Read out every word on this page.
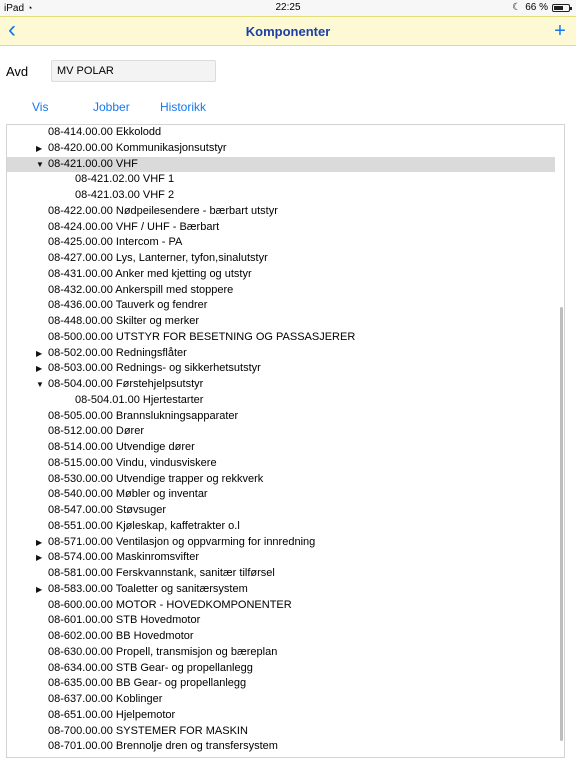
iPad ◔	22:25	☾ 66 %
‹	Komponenter	+
Avd	MV POLAR
Vis	Jobber	Historikk
08-414.00.00 Ekkolodd
▶ 08-420.00.00 Kommunikasjonsutstyr
▼ 08-421.00.00 VHF
08-421.02.00 VHF 1
08-421.03.00 VHF 2
08-422.00.00 Nødpeilesendere - bærbart utstyr
08-424.00.00 VHF / UHF - Bærbart
08-425.00.00 Intercom - PA
08-427.00.00 Lys, Lanterner, tyfon,sinalutstyr
08-431.00.00 Anker med kjetting og utstyr
08-432.00.00 Ankerspill med stoppere
08-436.00.00 Tauverk og fendrer
08-448.00.00 Skilter og merker
08-500.00.00 UTSTYR FOR BESETNING OG PASSASJERER
▶ 08-502.00.00 Redningsflåter
▶ 08-503.00.00 Rednings- og sikkerhetsutstyr
▼ 08-504.00.00 Førstehjelpsutstyr
08-504.01.00 Hjertestarter
08-505.00.00 Brannslukningsapparater
08-512.00.00 Dører
08-514.00.00 Utvendige dører
08-515.00.00 Vindu, vindusviskere
08-530.00.00 Utvendige trapper og rekkverk
08-540.00.00 Møbler og inventar
08-547.00.00 Støvsuger
08-551.00.00 Kjøleskap, kaffetrakter o.l
▶ 08-571.00.00 Ventilasjon og oppvarming for innredning
▶ 08-574.00.00 Maskinromsvifter
08-581.00.00 Ferskvannstank, sanitær tilførsel
▶ 08-583.00.00 Toaletter og sanitærsystem
08-600.00.00 MOTOR - HOVEDKOMPONENTER
08-601.00.00 STB Hovedmotor
08-602.00.00 BB Hovedmotor
08-630.00.00 Propell, transmisjon og bæreplan
08-634.00.00 STB Gear- og propellanlegg
08-635.00.00 BB Gear- og propellanlegg
08-637.00.00 Koblinger
08-651.00.00 Hjelpemotor
08-700.00.00 SYSTEMER FOR MASKIN
08-701.00.00 Brennolje dren og transfersystem
